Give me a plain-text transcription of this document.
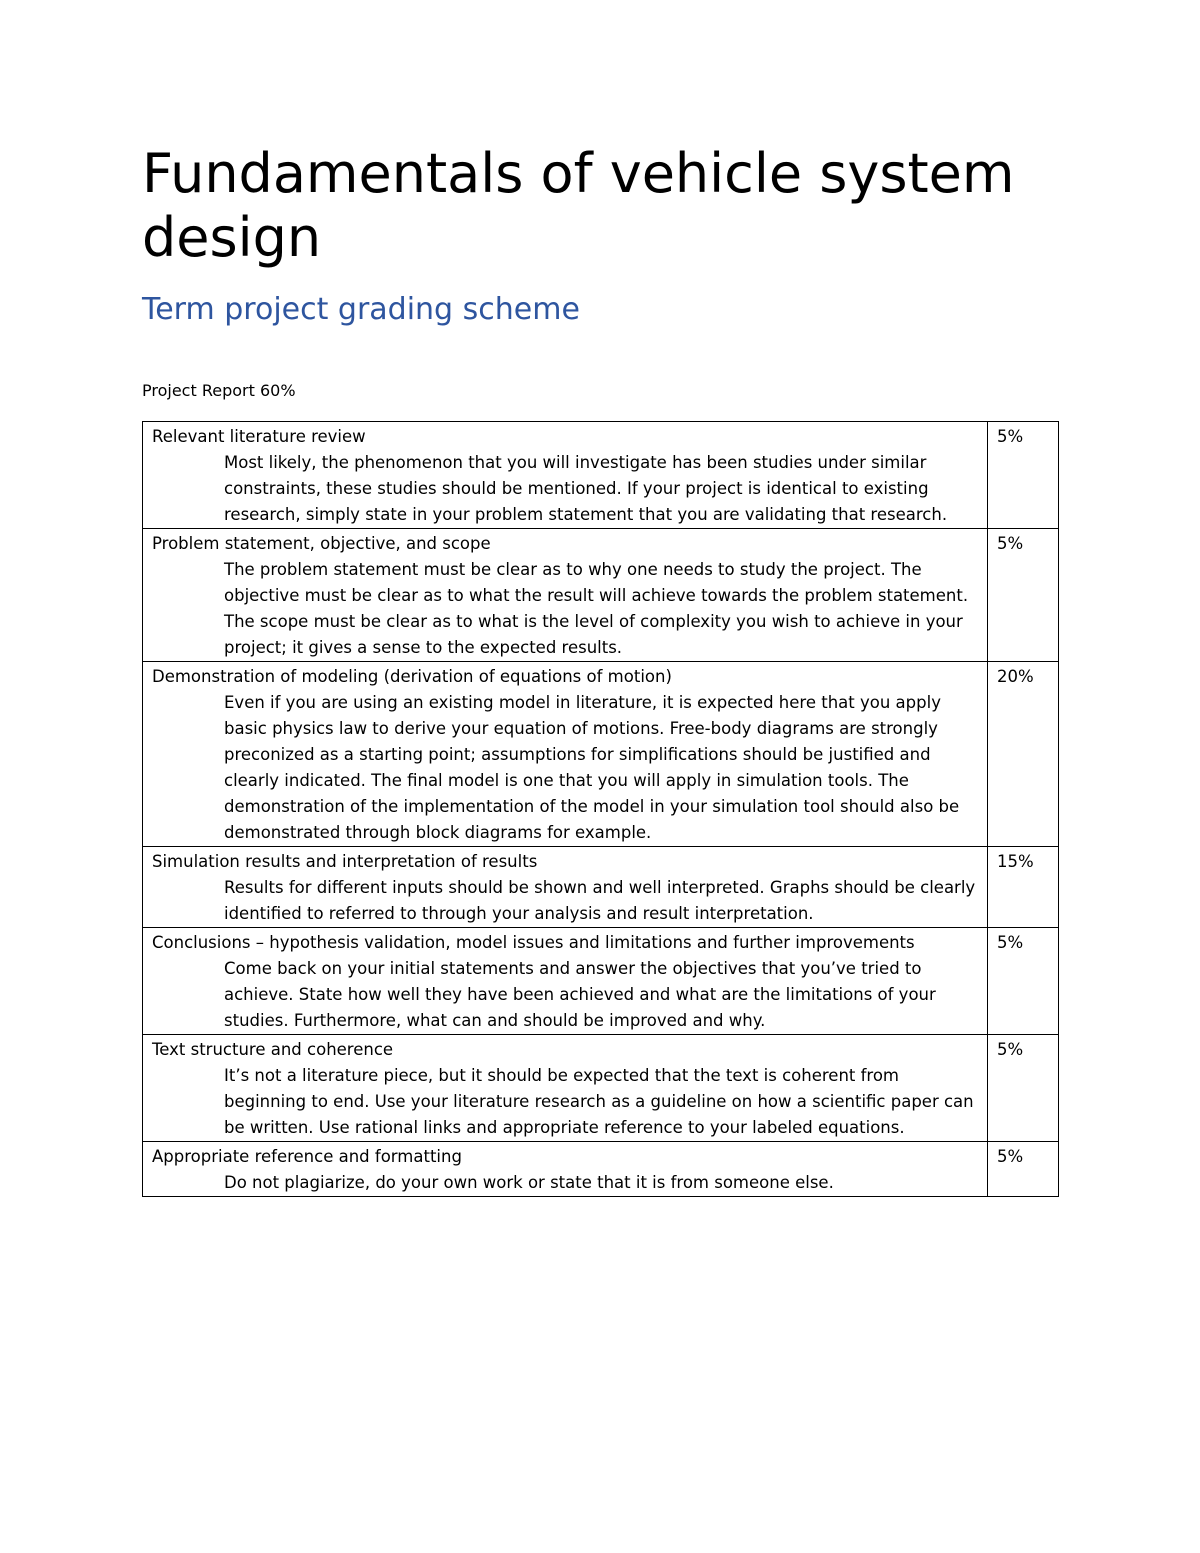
Fundamentals of vehicle system design
Term project grading scheme

Project Report 60%

Relevant literature review
Most likely, the phenomenon that you will investigate has been studies under similar constraints, these studies should be mentioned. If your project is identical to existing research, simply state in your problem statement that you are validating that research.	5%

Problem statement, objective, and scope
The problem statement must be clear as to why one needs to study the project. The objective must be clear as to what the result will achieve towards the problem statement. The scope must be clear as to what is the level of complexity you wish to achieve in your project; it gives a sense to the expected results.	5%

Demonstration of modeling (derivation of equations of motion)
Even if you are using an existing model in literature, it is expected here that you apply basic physics law to derive your equation of motions. Free-body diagrams are strongly preconized as a starting point; assumptions for simplifications should be justified and clearly indicated. The final model is one that you will apply in simulation tools. The demonstration of the implementation of the model in your simulation tool should also be demonstrated through block diagrams for example.	20%

Simulation results and interpretation of results
Results for different inputs should be shown and well interpreted. Graphs should be clearly identified to referred to through your analysis and result interpretation.	15%

Conclusions – hypothesis validation, model issues and limitations and further improvements
Come back on your initial statements and answer the objectives that you’ve tried to achieve. State how well they have been achieved and what are the limitations of your studies. Furthermore, what can and should be improved and why.	5%

Text structure and coherence
It’s not a literature piece, but it should be expected that the text is coherent from beginning to end. Use your literature research as a guideline on how a scientific paper can be written. Use rational links and appropriate reference to your labeled equations.	5%

Appropriate reference and formatting
Do not plagiarize, do your own work or state that it is from someone else.	5%
